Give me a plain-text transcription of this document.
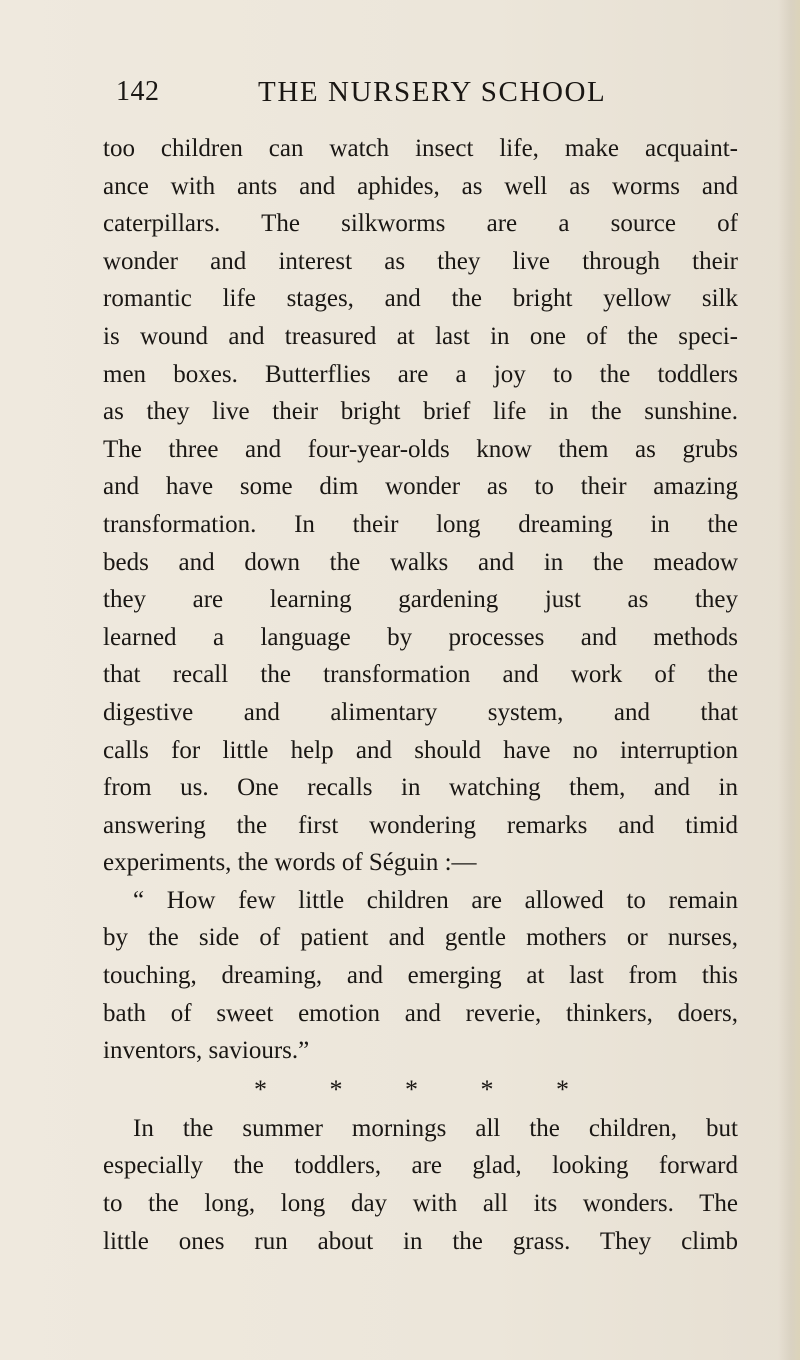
142	THE NURSERY SCHOOL
too children can watch insect life, make acquaint-
ance with ants and aphides, as well as worms and
caterpillars. The silkworms are a source of
wonder and interest as they live through their
romantic life stages, and the bright yellow silk
is wound and treasured at last in one of the speci-
men boxes. Butterflies are a joy to the toddlers
as they live their bright brief life in the sunshine.
The three and four-year-olds know them as grubs
and have some dim wonder as to their amazing
transformation. In their long dreaming in the
beds and down the walks and in the meadow
they are learning gardening just as they
learned a language by processes and methods
that recall the transformation and work of the
digestive and alimentary system, and that
calls for little help and should have no interruption
from us. One recalls in watching them, and in
answering the first wondering remarks and timid
experiments, the words of Séguin :—
“ How few little children are allowed to remain
by the side of patient and gentle mothers or nurses,
touching, dreaming, and emerging at last from this
bath of sweet emotion and reverie, thinkers, doers,
inventors, saviours.”
* * * * *
In the summer mornings all the children, but
especially the toddlers, are glad, looking forward
to the long, long day with all its wonders. The
little ones run about in the grass. They climb
